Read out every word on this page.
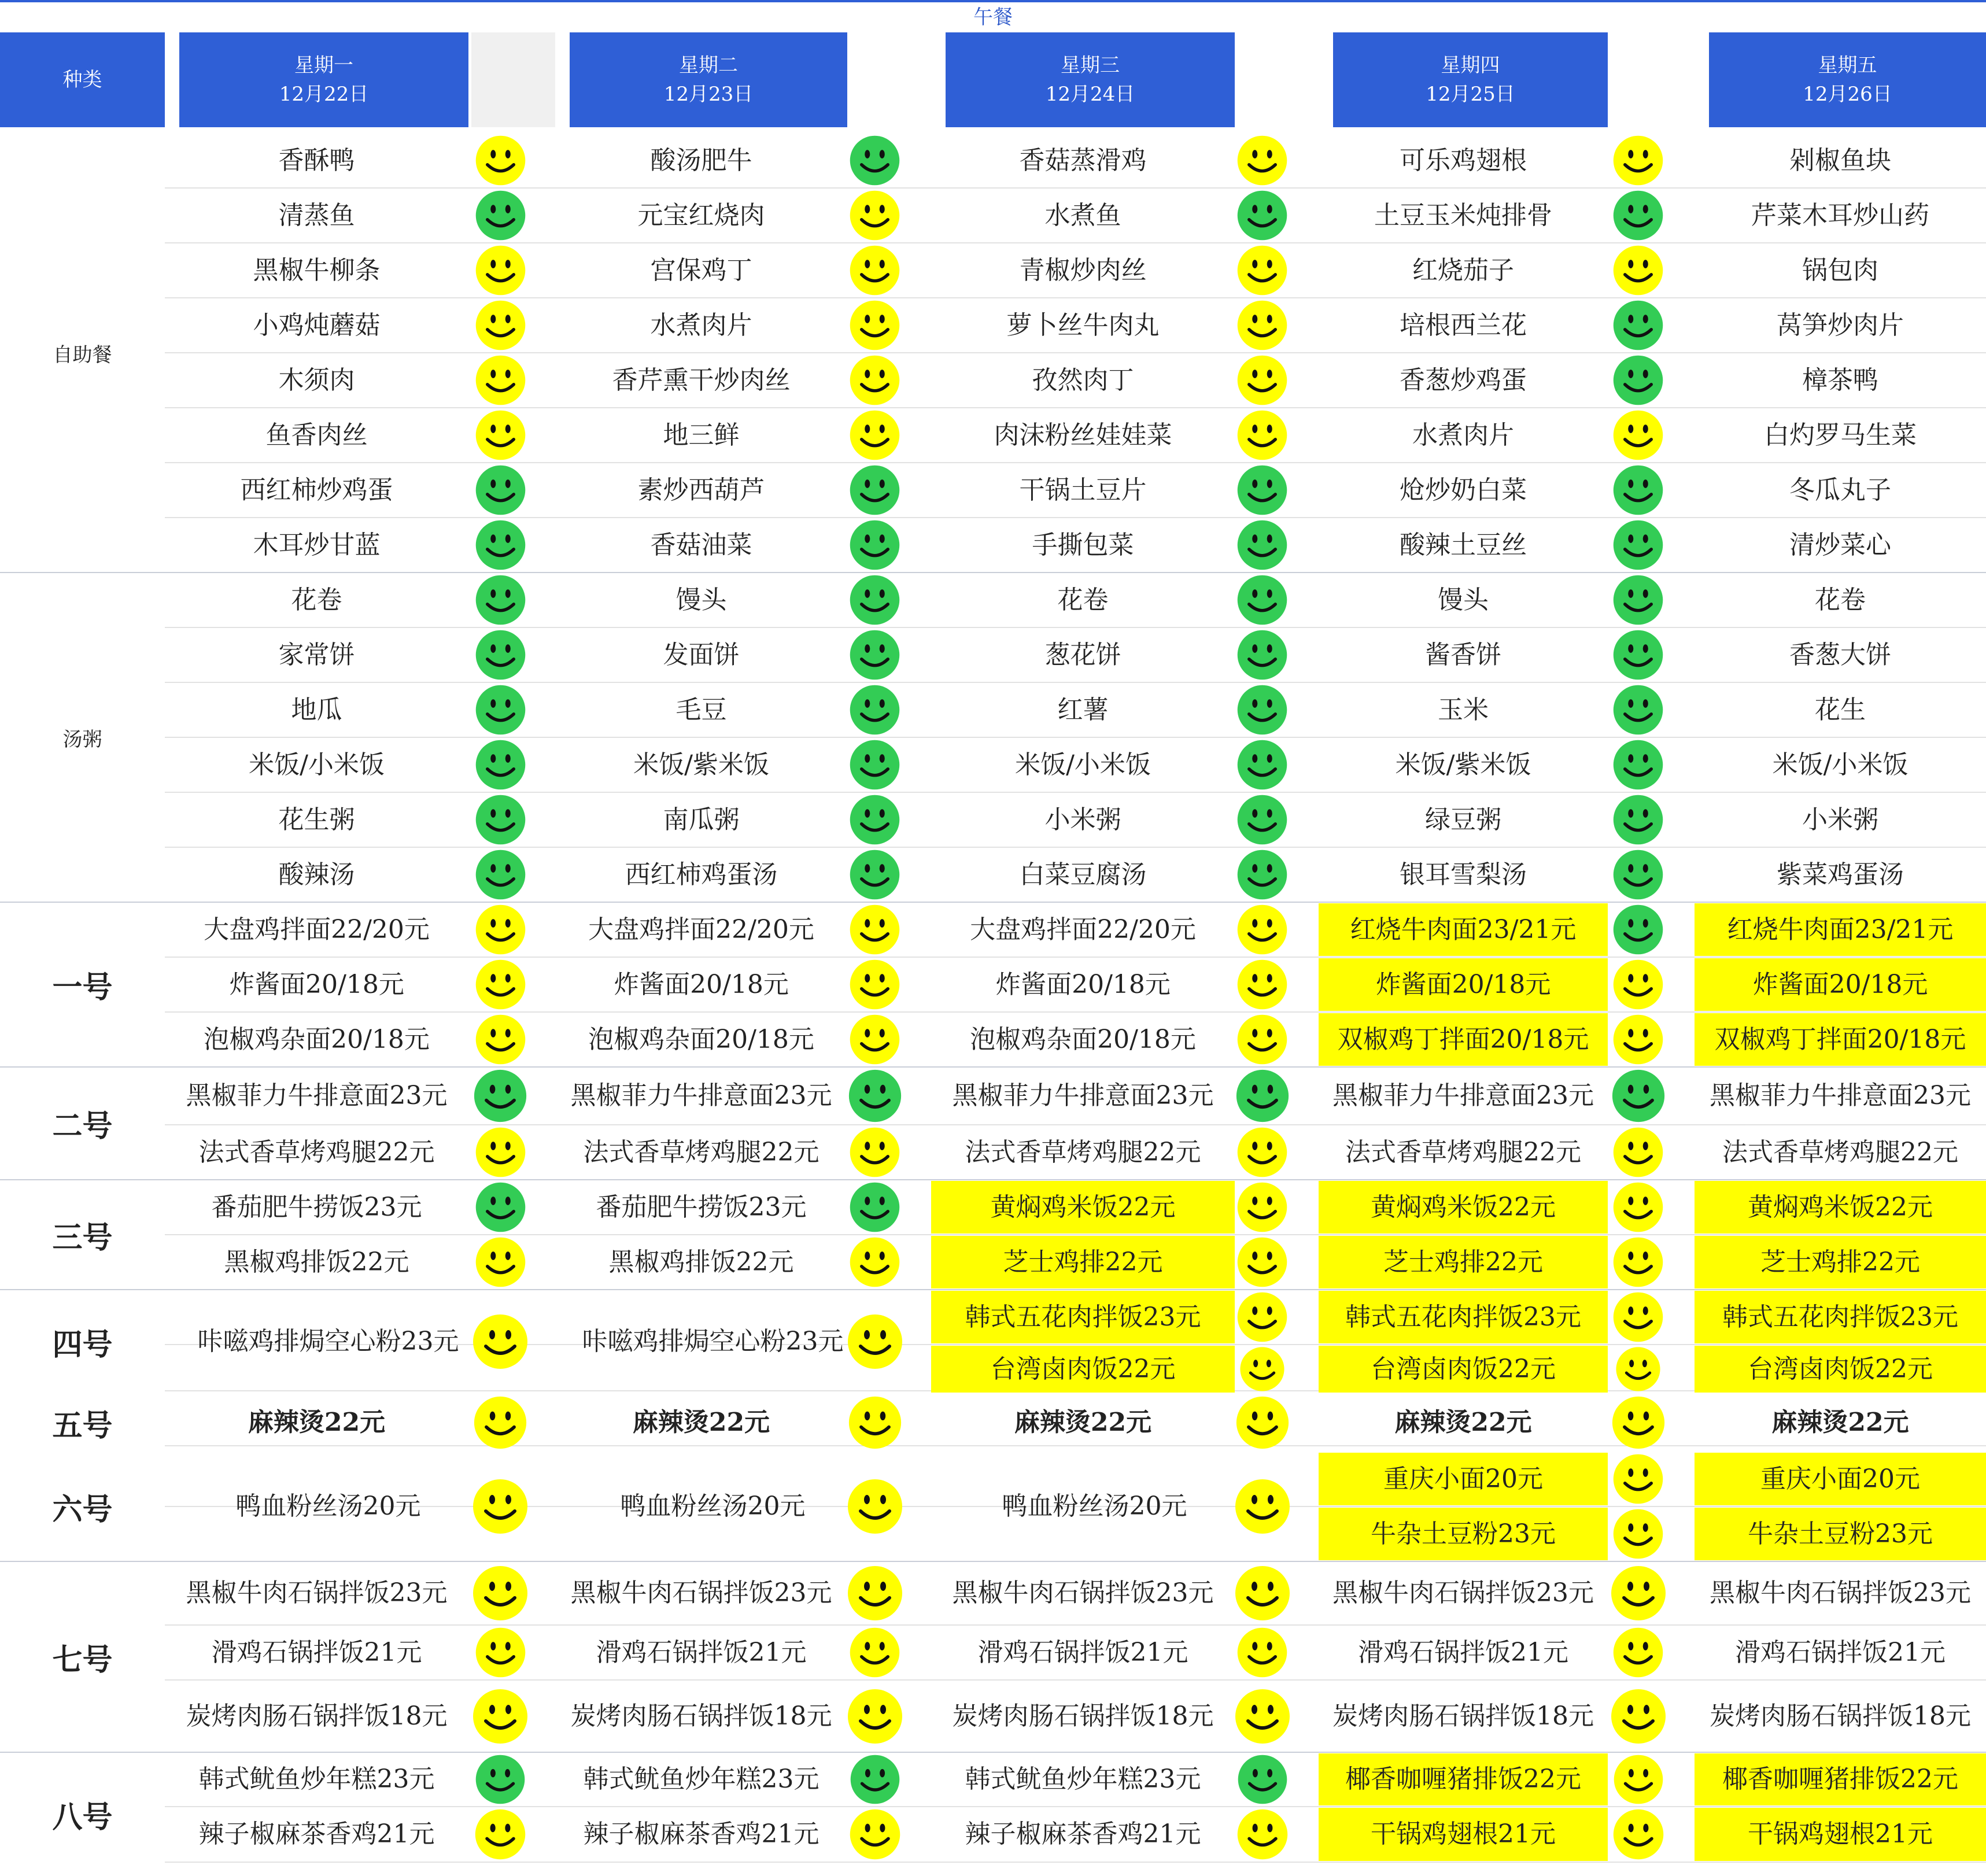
午餐
种类
星期一
12月22日
星期二
12月23日
星期三
12月24日
星期四
12月25日
星期五
12月26日
自助餐
汤粥
一号
二号
三号
四号
五号
六号
七号
八号
香酥鸭
清蒸鱼
黑椒牛柳条
小鸡炖蘑菇
木须肉
鱼香肉丝
西红柿炒鸡蛋
木耳炒甘蓝
花卷
家常饼
地瓜
米饭/小米饭
花生粥
酸辣汤
大盘鸡拌面22/20元
炸酱面20/18元
泡椒鸡杂面20/18元
黑椒菲力牛排意面23元
法式香草烤鸡腿22元
番茄肥牛捞饭23元
黑椒鸡排饭22元
咔嗞鸡排焗空心粉23元
麻辣烫22元
鸭血粉丝汤20元
黑椒牛肉石锅拌饭23元
滑鸡石锅拌饭21元
炭烤肉肠石锅拌饭18元
韩式鱿鱼炒年糕23元
辣子椒麻茶香鸡21元
酸汤肥牛
元宝红烧肉
宫保鸡丁
水煮肉片
香芹熏干炒肉丝
地三鲜
素炒西葫芦
香菇油菜
馒头
发面饼
毛豆
米饭/紫米饭
南瓜粥
西红柿鸡蛋汤
大盘鸡拌面22/20元
炸酱面20/18元
泡椒鸡杂面20/18元
黑椒菲力牛排意面23元
法式香草烤鸡腿22元
番茄肥牛捞饭23元
黑椒鸡排饭22元
咔嗞鸡排焗空心粉23元
麻辣烫22元
鸭血粉丝汤20元
黑椒牛肉石锅拌饭23元
滑鸡石锅拌饭21元
炭烤肉肠石锅拌饭18元
韩式鱿鱼炒年糕23元
辣子椒麻茶香鸡21元
香菇蒸滑鸡
水煮鱼
青椒炒肉丝
萝卜丝牛肉丸
孜然肉丁
肉沫粉丝娃娃菜
干锅土豆片
手撕包菜
花卷
葱花饼
红薯
米饭/小米饭
小米粥
白菜豆腐汤
大盘鸡拌面22/20元
炸酱面20/18元
泡椒鸡杂面20/18元
黑椒菲力牛排意面23元
法式香草烤鸡腿22元
黄焖鸡米饭22元
芝士鸡排22元
韩式五花肉拌饭23元
台湾卤肉饭22元
麻辣烫22元
鸭血粉丝汤20元
黑椒牛肉石锅拌饭23元
滑鸡石锅拌饭21元
炭烤肉肠石锅拌饭18元
韩式鱿鱼炒年糕23元
辣子椒麻茶香鸡21元
可乐鸡翅根
土豆玉米炖排骨
红烧茄子
培根西兰花
香葱炒鸡蛋
水煮肉片
炝炒奶白菜
酸辣土豆丝
馒头
酱香饼
玉米
米饭/紫米饭
绿豆粥
银耳雪梨汤
红烧牛肉面23/21元
炸酱面20/18元
双椒鸡丁拌面20/18元
黑椒菲力牛排意面23元
法式香草烤鸡腿22元
黄焖鸡米饭22元
芝士鸡排22元
韩式五花肉拌饭23元
台湾卤肉饭22元
麻辣烫22元
重庆小面20元
牛杂土豆粉23元
黑椒牛肉石锅拌饭23元
滑鸡石锅拌饭21元
炭烤肉肠石锅拌饭18元
椰香咖喱猪排饭22元
干锅鸡翅根21元
剁椒鱼块
芹菜木耳炒山药
锅包肉
莴笋炒肉片
樟茶鸭
白灼罗马生菜
冬瓜丸子
清炒菜心
花卷
香葱大饼
花生
米饭/小米饭
小米粥
紫菜鸡蛋汤
红烧牛肉面23/21元
炸酱面20/18元
双椒鸡丁拌面20/18元
黑椒菲力牛排意面23元
法式香草烤鸡腿22元
黄焖鸡米饭22元
芝士鸡排22元
韩式五花肉拌饭23元
台湾卤肉饭22元
麻辣烫22元
重庆小面20元
牛杂土豆粉23元
黑椒牛肉石锅拌饭23元
滑鸡石锅拌饭21元
炭烤肉肠石锅拌饭18元
椰香咖喱猪排饭22元
干锅鸡翅根21元
